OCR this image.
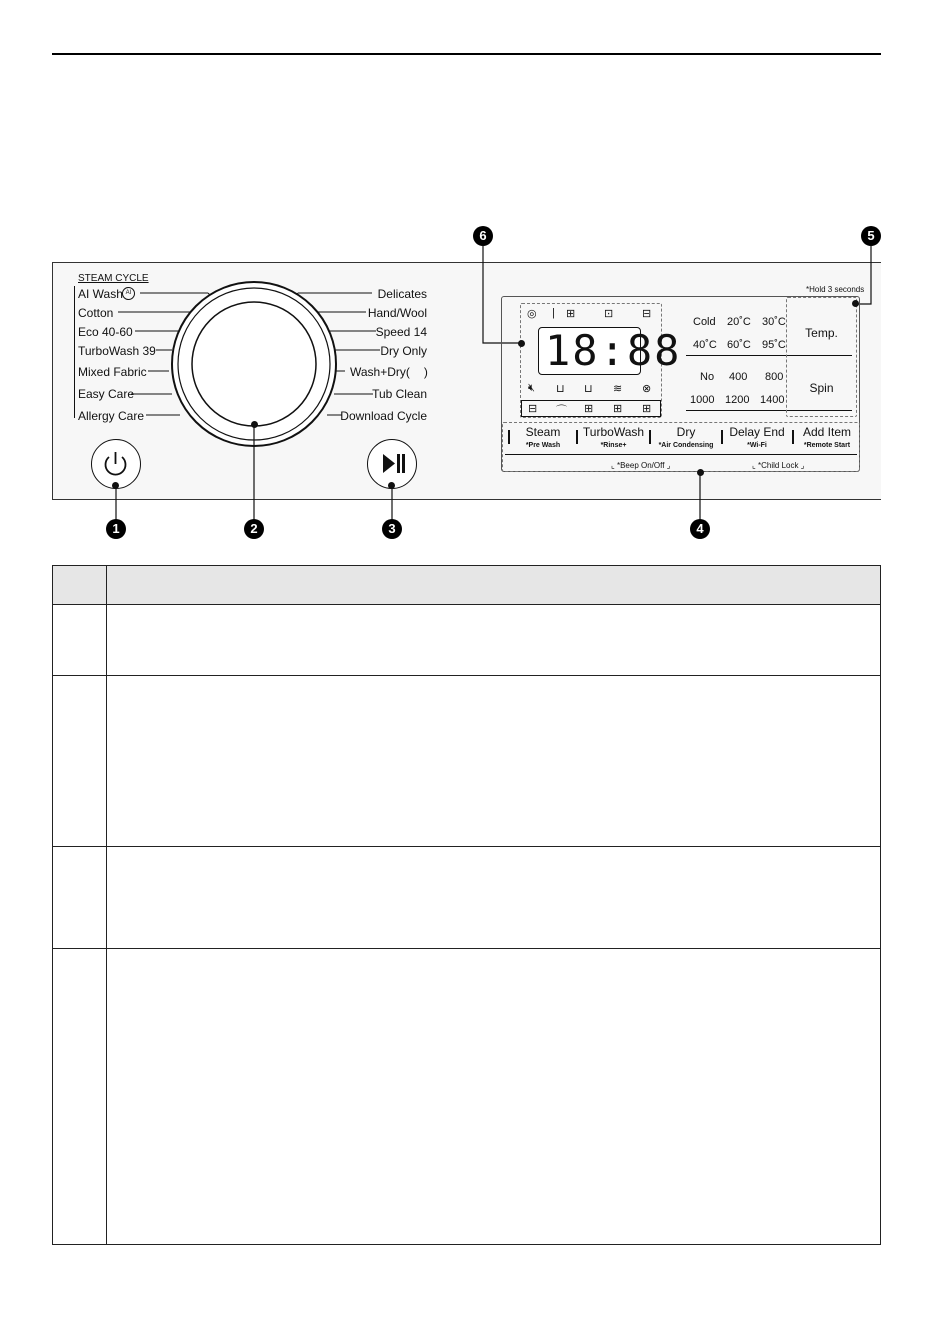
STEAM CYCLE
AI Wash AI
Cotton
Eco 40-60
TurboWash 39
Mixed Fabric
Easy Care
Allergy Care
Delicates
Hand/Wool
Speed 14
Dry Only
Wash+Dry( )
Tub Clean
Download Cycle
◎ | ⊞	⊡	⊟
🔇︎ ⊔ ⊔ ≋ ⊗
⊟ ⌒ ⊞ ⊞ ⊞
18:88
Cold 20˚C 30˚C
40˚C 60˚C 95˚C
No 400 800
1000 1200 1400
*Hold 3 seconds
Temp.
Spin
Steam
*Pre Wash
TurboWash
*Rinse+
Dry
*Air Condensing
Delay End
*Wi-Fi
Add Item
*Remote Start
⌞ *Beep On/Off ⌟	⌞ *Child Lock ⌟
1	2	3	4
5
6
